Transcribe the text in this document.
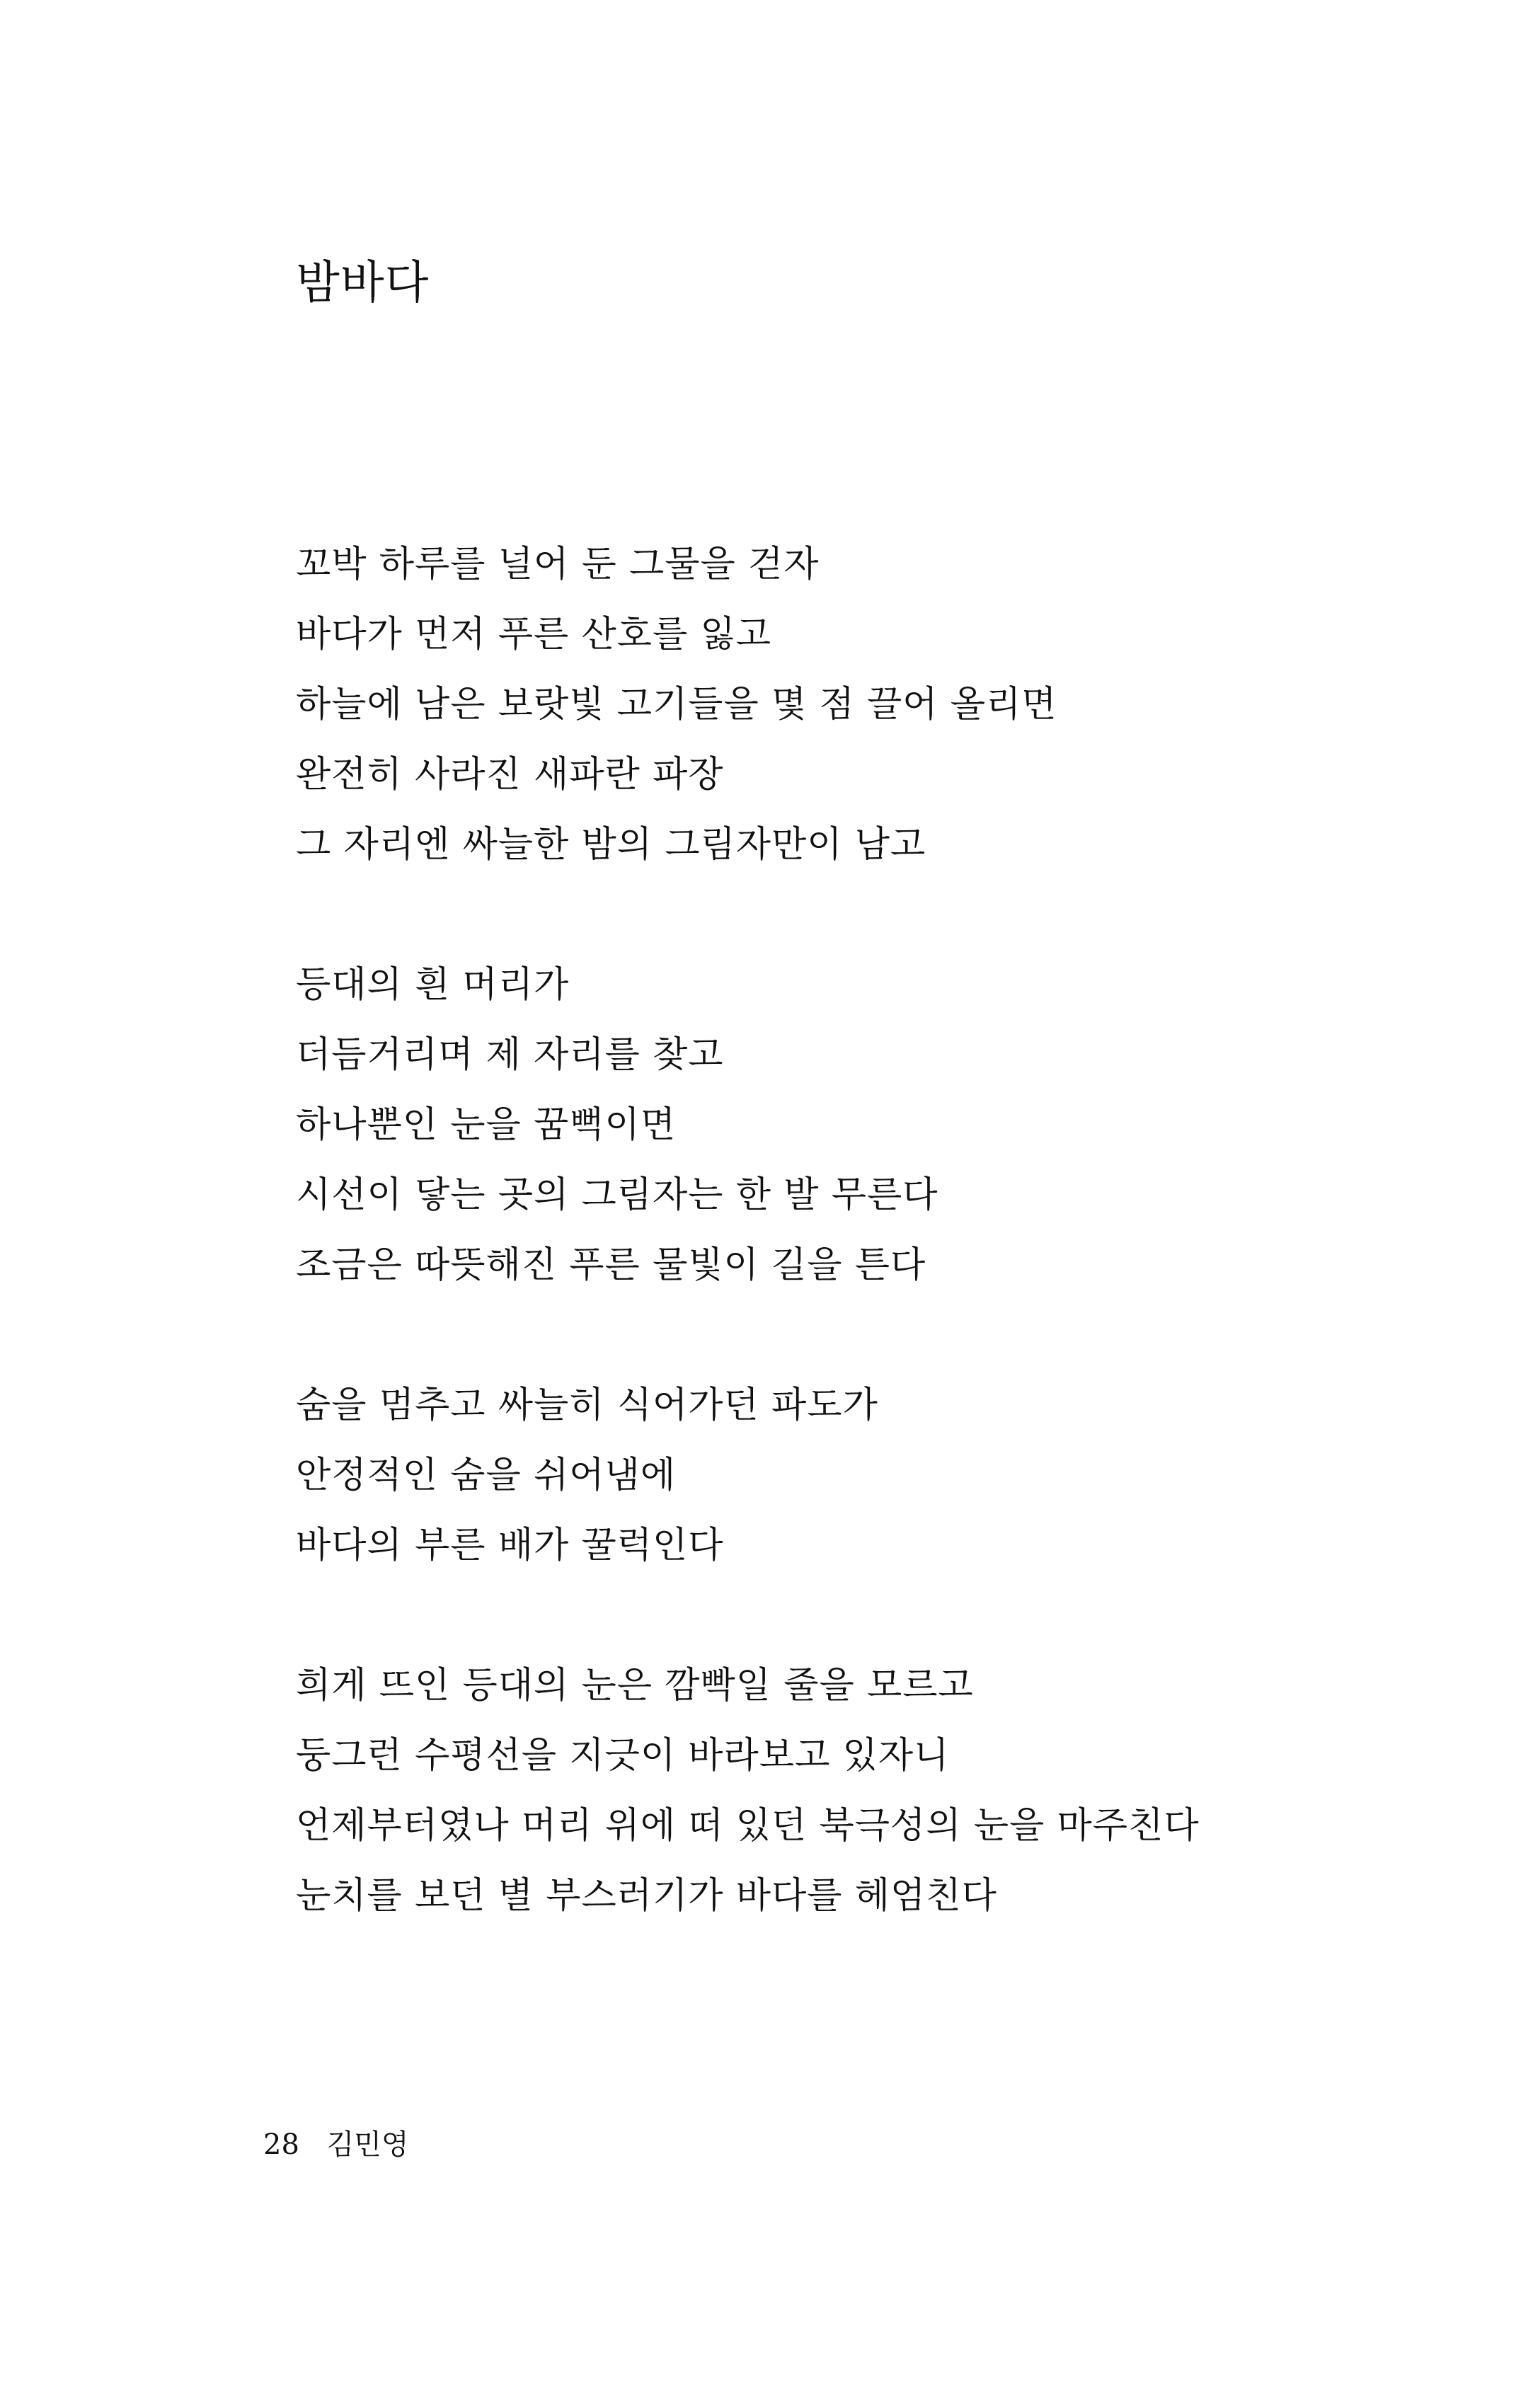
밤바다
꼬박 하루를 널어 둔 그물을 걷자
바다가 먼저 푸른 산호를 잃고
하늘에 남은 보랏빛 고기들을 몇 점 끌어 올리면
완전히 사라진 새파란 파장
그 자리엔 싸늘한 밤의 그림자만이 남고
등대의 흰 머리가
더듬거리며 제 자리를 찾고
하나뿐인 눈을 꿈뻑이면
시선이 닿는 곳의 그림자는 한 발 무른다
조금은 따뜻해진 푸른 물빛이 길을 튼다
숨을 멈추고 싸늘히 식어가던 파도가
안정적인 숨을 쉬어냄에
바다의 부른 배가 꿀럭인다
희게 뜨인 등대의 눈은 깜빡일 줄을 모르고
둥그런 수평선을 지긋이 바라보고 있자니
언제부터였나 머리 위에 떠 있던 북극성의 눈을 마주친다
눈치를 보던 별 부스러기가 바다를 헤엄친다
28 김민영
